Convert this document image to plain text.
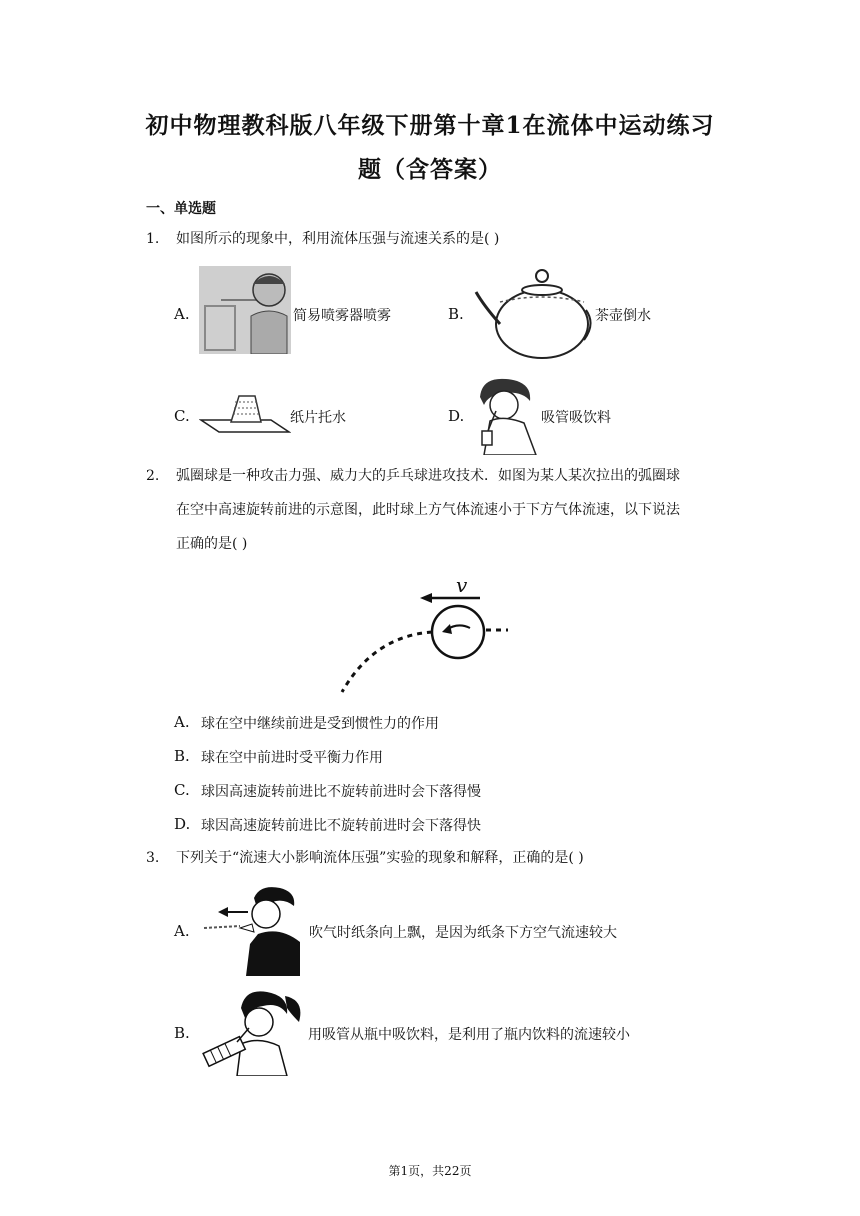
初中物理教科版八年级下册第十章1在流体中运动练习
题（含答案）
一、单选题
1. 如图所示的现象中，利用流体压强与流速关系的是( )
A.	简易喷雾器喷雾	B.	茶壶倒水
C.	纸片托水	D.	吸管吸饮料
2. 弧圈球是一种攻击力强、威力大的乒乓球进攻技术．如图为某人某次拉出的弧圈球
在空中高速旋转前进的示意图，此时球上方气体流速小于下方气体流速，以下说法
正确的是( )
v
A. 球在空中继续前进是受到惯性力的作用
B. 球在空中前进时受平衡力作用
C. 球因高速旋转前进比不旋转前进时会下落得慢
D. 球因高速旋转前进比不旋转前进时会下落得快
3. 下列关于“流速大小影响流体压强”实验的现象和解释，正确的是( )
A.	吹气时纸条向上飘，是因为纸条下方空气流速较大
B.	用吸管从瓶中吸饮料，是利用了瓶内饮料的流速较小
第1页，共22页
